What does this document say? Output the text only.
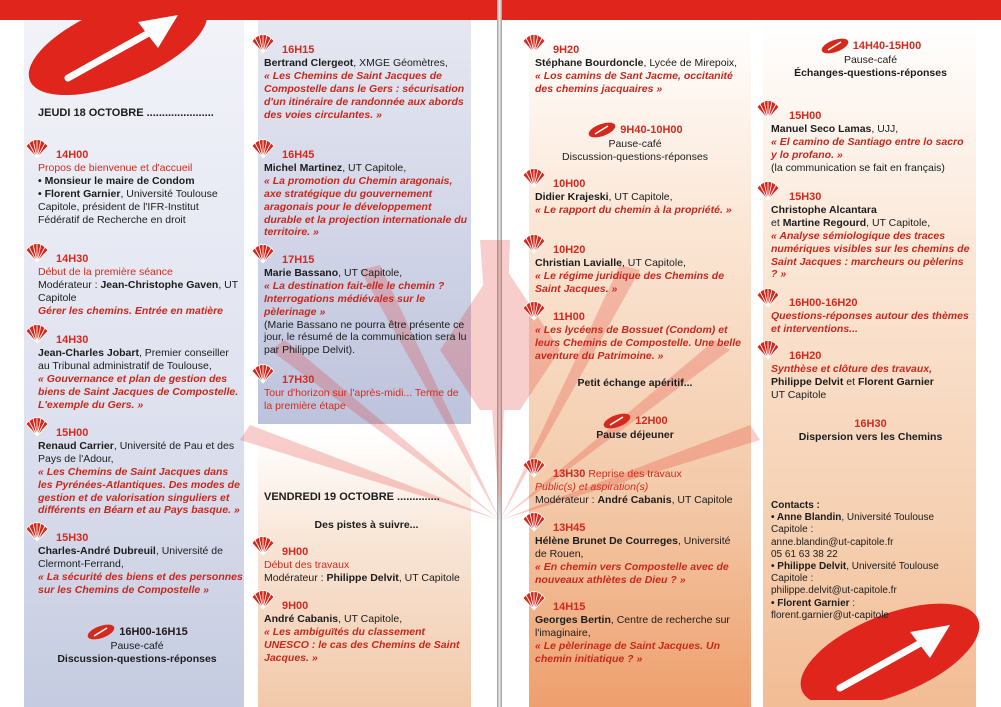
JEUDI 18 OCTOBRE ......................
14H00
Propos de bienvenue et d'accueil
• Monsieur le maire de Condom
• Florent Garnier, Université Toulouse Capitole, président de l'IFR-Institut Fédératif de Recherche en droit
14H30
Début de la première séance
Modérateur : Jean-Christophe Gaven, UT Capitole
Gérer les chemins. Entrée en matière
14H30
Jean-Charles Jobart, Premier conseiller au Tribunal administratif de Toulouse,
« Gouvernance et plan de gestion des biens de Saint Jacques de Compostelle. L'exemple du Gers. »
15H00
Renaud Carrier, Université de Pau et des Pays de l'Adour,
« Les Chemins de Saint Jacques dans les Pyrénées-Atlantiques. Des modes de gestion et de valorisation singuliers et différents en Béarn et au Pays basque. »
15H30
Charles-André Dubreuil, Université de Clermont-Ferrand,
« La sécurité des biens et des personnes sur les Chemins de Compostelle »
16H00-16H15
Pause-café
Discussion-questions-réponses
16H15
Bertrand Clergeot, XMGE Géomètres,
« Les Chemins de Saint Jacques de Compostelle dans le Gers : sécurisation d'un itinéraire de randonnée aux abords des voies circulantes. »
16H45
Michel Martinez, UT Capitole,
« La promotion du Chemin aragonais, axe stratégique du gouvernement aragonais pour le développement durable et la projection internationale du territoire. »
17H15
Marie Bassano, UT Capitole,
« La destination fait-elle le chemin ? Interrogations médiévales sur le pèlerinage »
(Marie Bassano ne pourra être présente ce jour, le résumé de la communication sera lu par Philippe Delvit).
17H30
Tour d'horizon sur l'après-midi... Terme de la première étape
VENDREDI 19 OCTOBRE ..............
Des pistes à suivre...
9H00
Début des travaux
Modérateur : Philippe Delvit, UT Capitole
9H00
André Cabanis, UT Capitole,
« Les ambiguïtés du classement UNESCO : le cas des Chemins de Saint Jacques. »
9H20
Stéphane Bourdoncle, Lycée de Mirepoix,
« Los camins de Sant Jacme, occitanité des chemins jacquaires »
9H40-10H00
Pause-café
Discussion-questions-réponses
10H00
Didier Krajeski, UT Capitole,
« Le rapport du chemin à la propriété. »
10H20
Christian Lavialle, UT Capitole,
« Le régime juridique des Chemins de Saint Jacques. »
11H00
« Les lycéens de Bossuet (Condom) et leurs Chemins de Compostelle. Une belle aventure du Patrimoine. »
Petit échange apéritif...
12H00
Pause déjeuner
13H30 Reprise des travaux
Public(s) et aspiration(s)
Modérateur : André Cabanis, UT Capitole
13H45
Hélène Brunet De Courreges, Université de Rouen,
« En chemin vers Compostelle avec de nouveaux athlètes de Dieu ? »
14H15
Georges Bertin, Centre de recherche sur l'imaginaire,
« Le pèlerinage de Saint Jacques. Un chemin initiatique ? »
14H40-15H00
Pause-café
Échanges-questions-réponses
15H00
Manuel Seco Lamas, UJJ,
« El camino de Santiago entre lo sacro y lo profano. »
(la communication se fait en français)
15H30
Christophe Alcantara
et Martine Regourd, UT Capitole,
« Analyse sémiologique des traces numériques visibles sur les chemins de Saint Jacques : marcheurs ou pèlerins ? »
16H00-16H20
Questions-réponses autour des thèmes et interventions...
16H20
Synthèse et clôture des travaux,
Philippe Delvit et Florent Garnier
UT Capitole
16H30
Dispersion vers les Chemins
Contacts :
• Anne Blandin, Université Toulouse Capitole :
anne.blandin@ut-capitole.fr
05 61 63 38 22
• Philippe Delvit, Université Toulouse Capitole :
philippe.delvit@ut-capitole.fr
• Florent Garnier :
florent.garnier@ut-capitole
